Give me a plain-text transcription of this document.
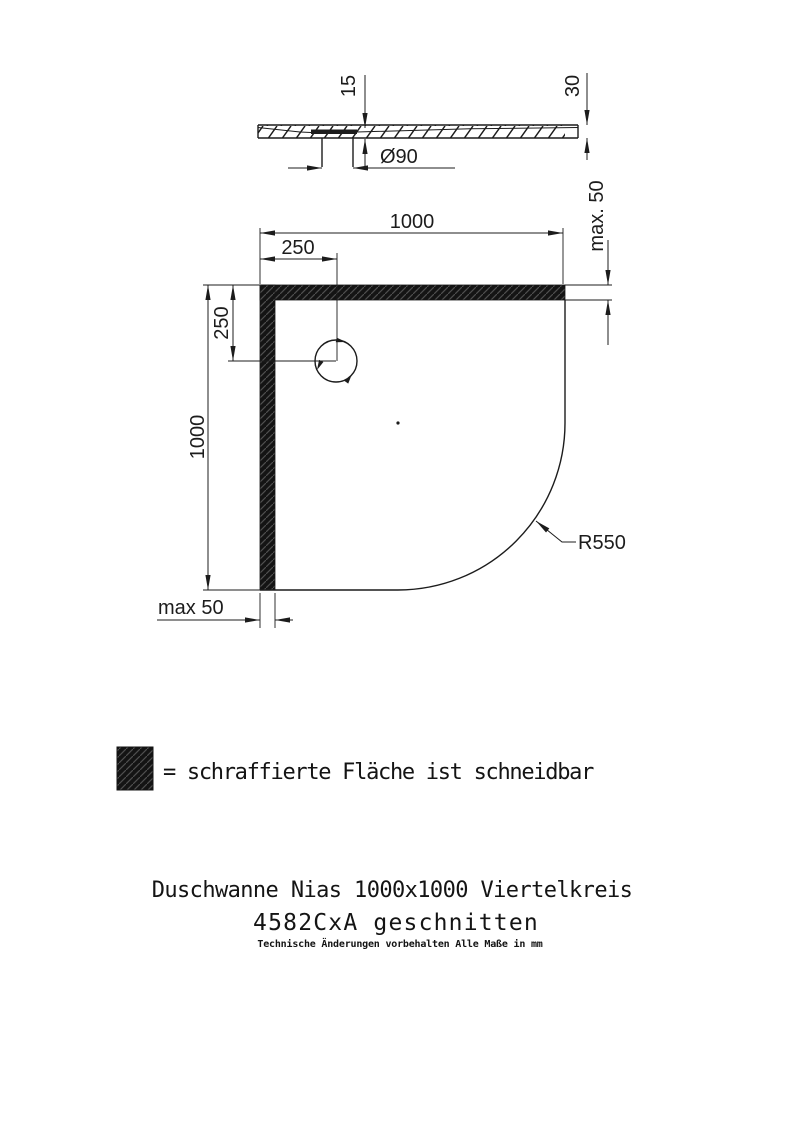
15	30
Ø90
1000
250
1000
250
max. 50
max 50
R550
= schraffierte Fläche ist schneidbar
Duschwanne Nias 1000x1000 Viertelkreis
4582CxA geschnitten
Technische Änderungen vorbehalten Alle Maße in mm
